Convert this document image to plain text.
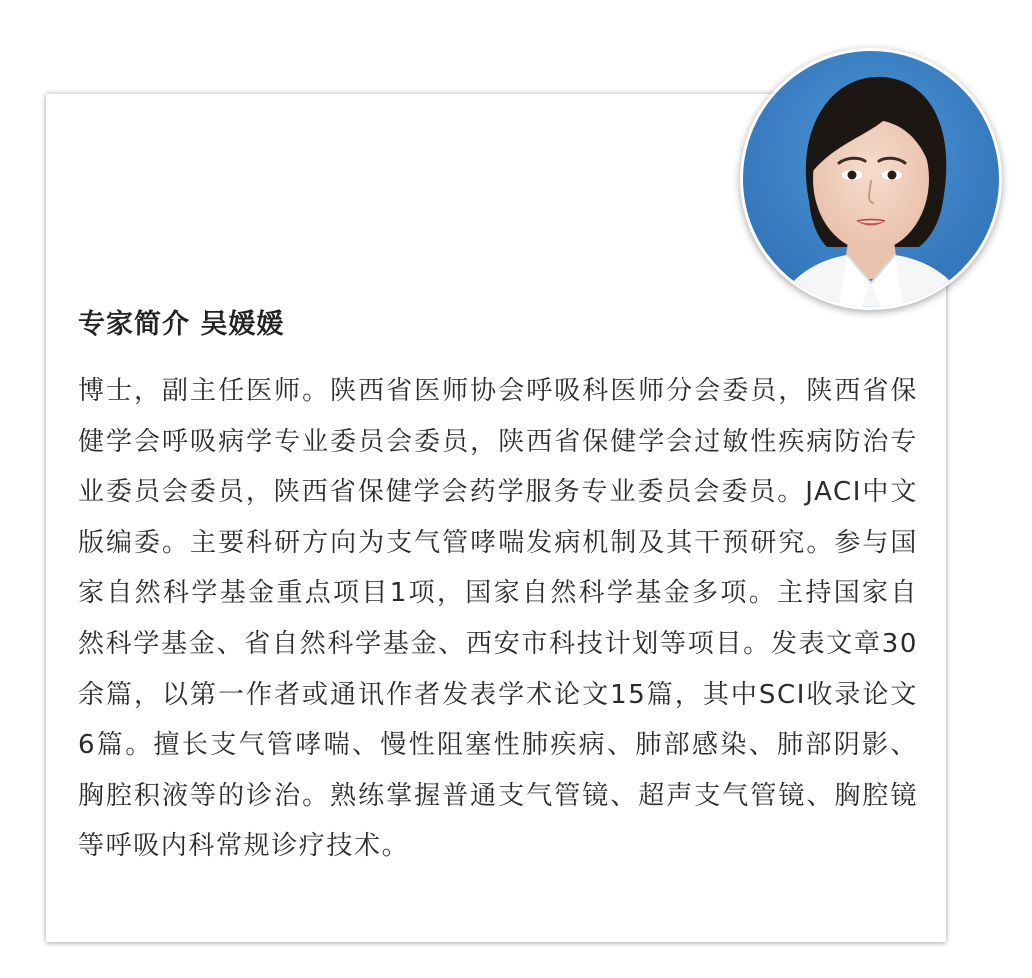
专家简介 吴媛媛

博士，副主任医师。陕西省医师协会呼吸科医师分会委员，陕西省保健学会呼吸病学专业委员会委员，陕西省保健学会过敏性疾病防治专业委员会委员，陕西省保健学会药学服务专业委员会委员。JACI中文版编委。主要科研方向为支气管哮喘发病机制及其干预研究。参与国家自然科学基金重点项目1项，国家自然科学基金多项。主持国家自然科学基金、省自然科学基金、西安市科技计划等项目。发表文章30余篇，以第一作者或通讯作者发表学术论文15篇，其中SCI收录论文6篇。擅长支气管哮喘、慢性阻塞性肺疾病、肺部感染、肺部阴影、胸腔积液等的诊治。熟练掌握普通支气管镜、超声支气管镜、胸腔镜等呼吸内科常规诊疗技术。
